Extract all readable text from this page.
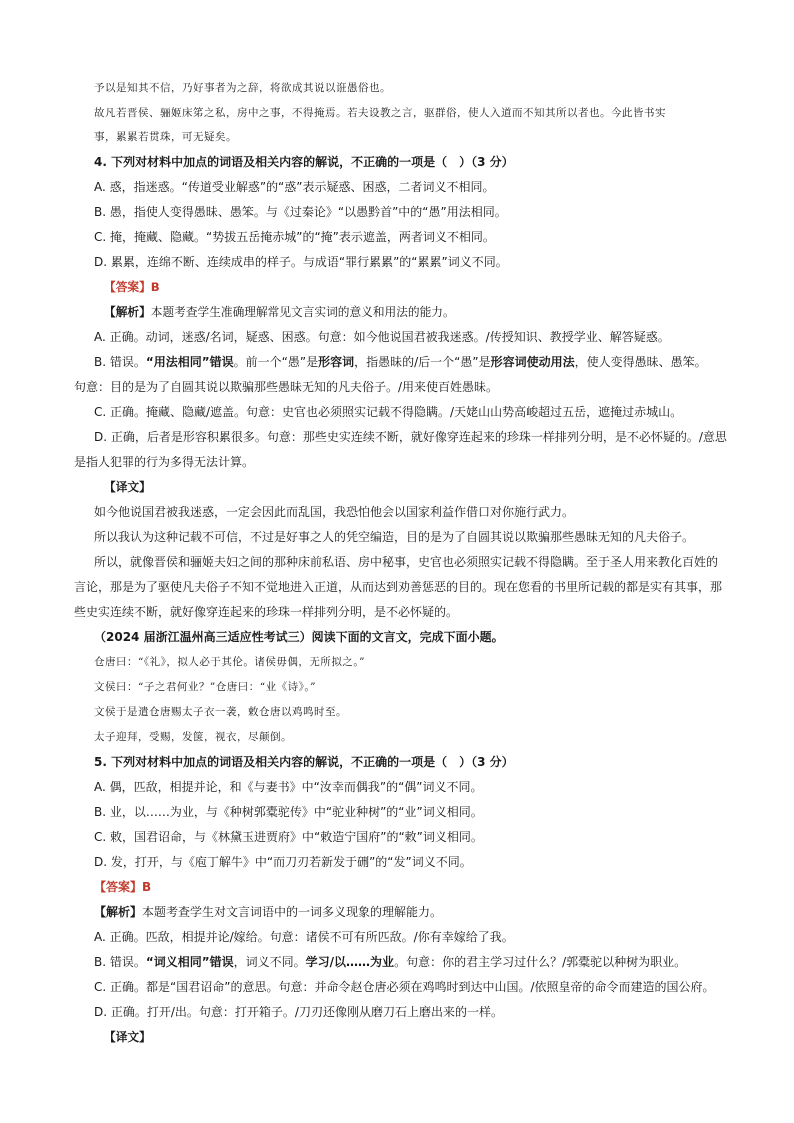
予以是知其不信，乃好事者为之辞，将欲成其说以诳愚俗也。
故凡若晋侯、骊姬床笫之私，房中之事，不得掩焉。若夫设教之言，驱群俗，使人入道而不知其所以者也。今此皆书实
事，累累若贯珠，可无疑矣。
4. 下列对材料中加点的词语及相关内容的解说，不正确的一项是（　）（3 分）
A. 惑，指迷惑。“传道受业解惑”的“惑”表示疑惑、困惑，二者词义不相同。
B. 愚，指使人变得愚昧、愚笨。与《过秦论》“以愚黔首”中的“愚”用法相同。
C. 掩，掩藏、隐藏。“势拔五岳掩赤城”的“掩”表示遮盖，两者词义不相同。
D. 累累，连绵不断、连续成串的样子。与成语“罪行累累”的“累累”词义不同。
【答案】B
【解析】本题考查学生准确理解常见文言实词的意义和用法的能力。
A. 正确。动词，迷惑/名词，疑惑、困惑。句意：如今他说国君被我迷惑。/传授知识、教授学业、解答疑惑。
B. 错误。“用法相同”错误。前一个“愚”是形容词，指愚昧的/后一个“愚”是形容词使动用法，使人变得愚昧、愚笨。
句意：目的是为了自圆其说以欺骗那些愚昧无知的凡夫俗子。/用来使百姓愚昧。
C. 正确。掩藏、隐藏/遮盖。句意：史官也必须照实记载不得隐瞒。/天姥山山势高峻超过五岳，遮掩过赤城山。
D. 正确，后者是形容积累很多。句意：那些史实连续不断，就好像穿连起来的珍珠一样排列分明，是不必怀疑的。/意思
是指人犯罪的行为多得无法计算。
【译文】
如今他说国君被我迷惑，一定会因此而乱国，我恐怕他会以国家利益作借口对你施行武力。
所以我认为这种记载不可信，不过是好事之人的凭空编造，目的是为了自圆其说以欺骗那些愚昧无知的凡夫俗子。
所以，就像晋侯和骊姬夫妇之间的那种床前私语、房中秘事，史官也必须照实记载不得隐瞒。至于圣人用来教化百姓的
言论，那是为了驱使凡夫俗子不知不觉地进入正道，从而达到劝善惩恶的目的。现在您看的书里所记载的都是实有其事，那
些史实连续不断，就好像穿连起来的珍珠一样排列分明，是不必怀疑的。
（2024 届浙江温州高三适应性考试三）阅读下面的文言文，完成下面小题。
仓唐曰：“《礼》，拟人必于其伦。诸侯毋偶，无所拟之。”
文侯曰：“子之君何业？”仓唐曰：“业《诗》。”
文侯于是遣仓唐赐太子衣一袭，敕仓唐以鸡鸣时至。
太子迎拜，受赐，发箧，视衣，尽颠倒。
5. 下列对材料中加点的词语及相关内容的解说，不正确的一项是（　）（3 分）
A. 偶，匹敌，相提并论，和《与妻书》中“汝幸而偶我”的“偶”词义不同。
B. 业，以……为业，与《种树郭橐驼传》中“驼业种树”的“业”词义相同。
C. 敕，国君诏命，与《林黛玉进贾府》中“敕造宁国府”的“敕”词义相同。
D. 发，打开，与《庖丁解牛》中“而刀刃若新发于硎”的“发”词义不同。
【答案】B
【解析】本题考查学生对文言词语中的一词多义现象的理解能力。
A. 正确。匹敌，相提并论/嫁给。句意：诸侯不可有所匹敌。/你有幸嫁给了我。
B. 错误。“词义相同”错误，词义不同。学习/以……为业。句意：你的君主学习过什么？/郭橐驼以种树为职业。
C. 正确。都是“国君诏命”的意思。句意：并命令赵仓唐必须在鸡鸣时到达中山国。/依照皇帝的命令而建造的国公府。
D. 正确。打开/出。句意：打开箱子。/刀刃还像刚从磨刀石上磨出来的一样。
【译文】
